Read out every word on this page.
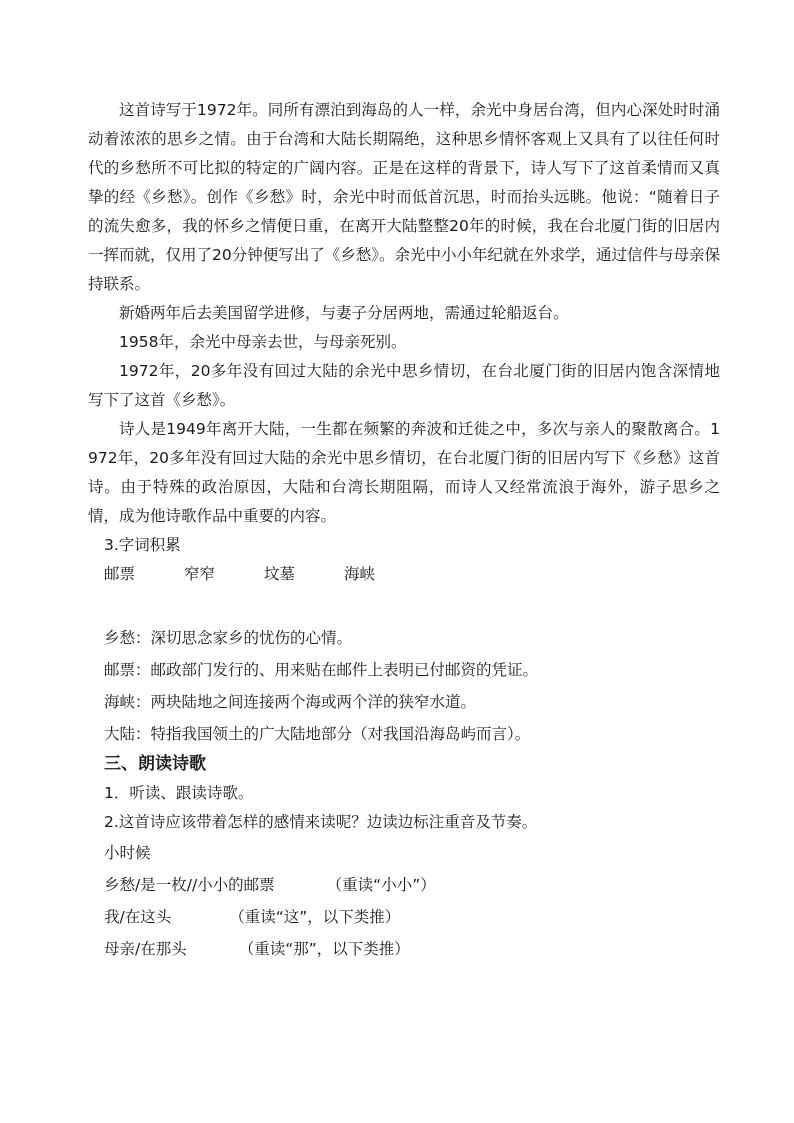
这首诗写于1972年。同所有漂泊到海岛的人一样，余光中身居台湾，但内心深处时时涌动着浓浓的思乡之情。由于台湾和大陆长期隔绝，这种思乡情怀客观上又具有了以往任何时代的乡愁所不可比拟的特定的广阔内容。正是在这样的背景下，诗人写下了这首柔情而又真挚的经《乡愁》。创作《乡愁》时，余光中时而低首沉思，时而抬头远眺。他说：“随着日子的流失愈多，我的怀乡之情便日重，在离开大陆整整20年的时候，我在台北厦门街的旧居内一挥而就，仅用了20分钟便写出了《乡愁》。余光中小小年纪就在外求学，通过信件与母亲保持联系。

新婚两年后去美国留学进修，与妻子分居两地，需通过轮船返台。

1958年，余光中母亲去世，与母亲死别。

1972年，20多年没有回过大陆的余光中思乡情切，在台北厦门街的旧居内饱含深情地写下了这首《乡愁》。

诗人是1949年离开大陆，一生都在频繁的奔波和迁徙之中，多次与亲人的聚散离合。1972年，20多年没有回过大陆的余光中思乡情切，在台北厦门街的旧居内写下《乡愁》这首诗。由于特殊的政治原因，大陆和台湾长期阻隔，而诗人又经常流浪于海外，游子思乡之情，成为他诗歌作品中重要的内容。

3.字词积累

邮票	窄窄	坟墓	海峡

乡愁：深切思念家乡的忧伤的心情。

邮票：邮政部门发行的、用来贴在邮件上表明已付邮资的凭证。

海峡：两块陆地之间连接两个海或两个洋的狭窄水道。

大陆：特指我国领土的广大陆地部分（对我国沿海岛屿而言）。

三、朗读诗歌

1．听读、跟读诗歌。

2.这首诗应该带着怎样的感情来读呢？边读边标注重音及节奏。

小时候

乡愁/是一枚//小小的邮票	（重读“小小”）

我/在这头	（重读“这”，以下类推）

母亲/在那头	（重读“那”，以下类推）
